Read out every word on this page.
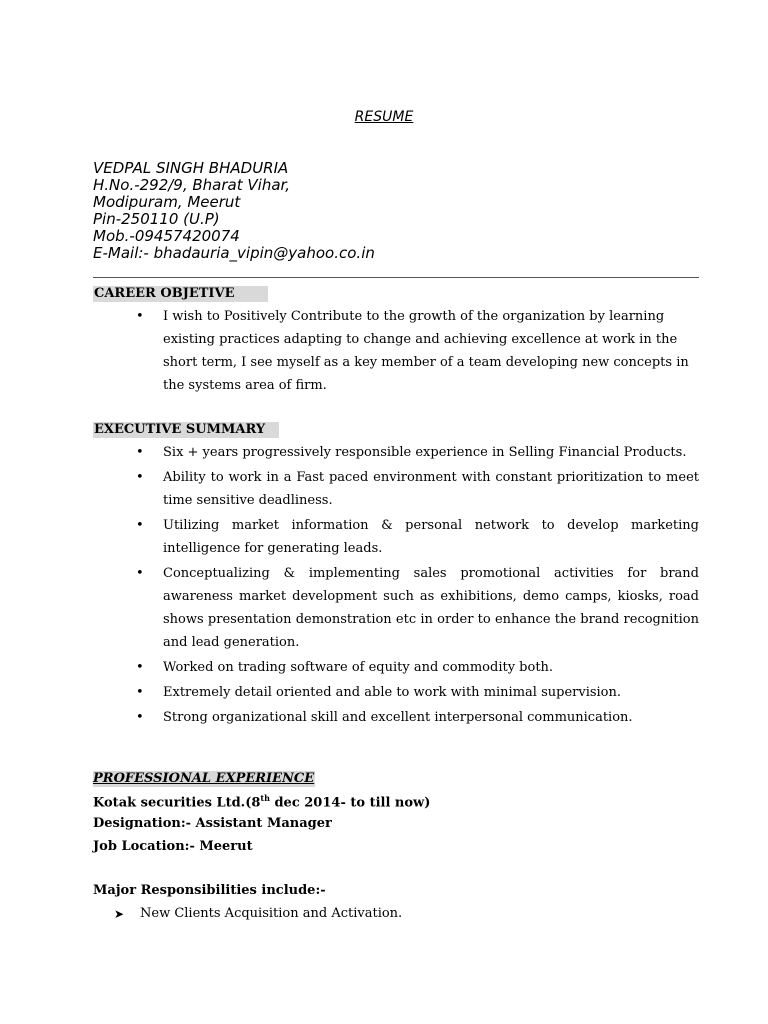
RESUME
VEDPAL SINGH BHADURIA
H.No.-292/9, Bharat Vihar,
Modipuram, Meerut
Pin-250110 (U.P)
Mob.-09457420074
E-Mail:- bhadauria_vipin@yahoo.co.in
CAREER OBJETIVE
• I wish to Positively Contribute to the growth of the organization by learning existing practices adapting to change and achieving excellence at work in the short term, I see myself as a key member of a team developing new concepts in the systems area of firm.
EXECUTIVE SUMMARY
• Six + years progressively responsible experience in Selling Financial Products.
• Ability to work in a Fast paced environment with constant prioritization to meet time sensitive deadliness.
• Utilizing market information & personal network to develop marketing intelligence for generating leads.
• Conceptualizing & implementing sales promotional activities for brand awareness market development such as exhibitions, demo camps, kiosks, road shows presentation demonstration etc in order to enhance the brand recognition and lead generation.
• Worked on trading software of equity and commodity both.
• Extremely detail oriented and able to work with minimal supervision.
• Strong organizational skill and excellent interpersonal communication.
PROFESSIONAL EXPERIENCE
Kotak securities Ltd.(8th dec 2014- to till now)
Designation:- Assistant Manager
Job Location:- Meerut
Major Responsibilities include:-
➤ New Clients Acquisition and Activation.
